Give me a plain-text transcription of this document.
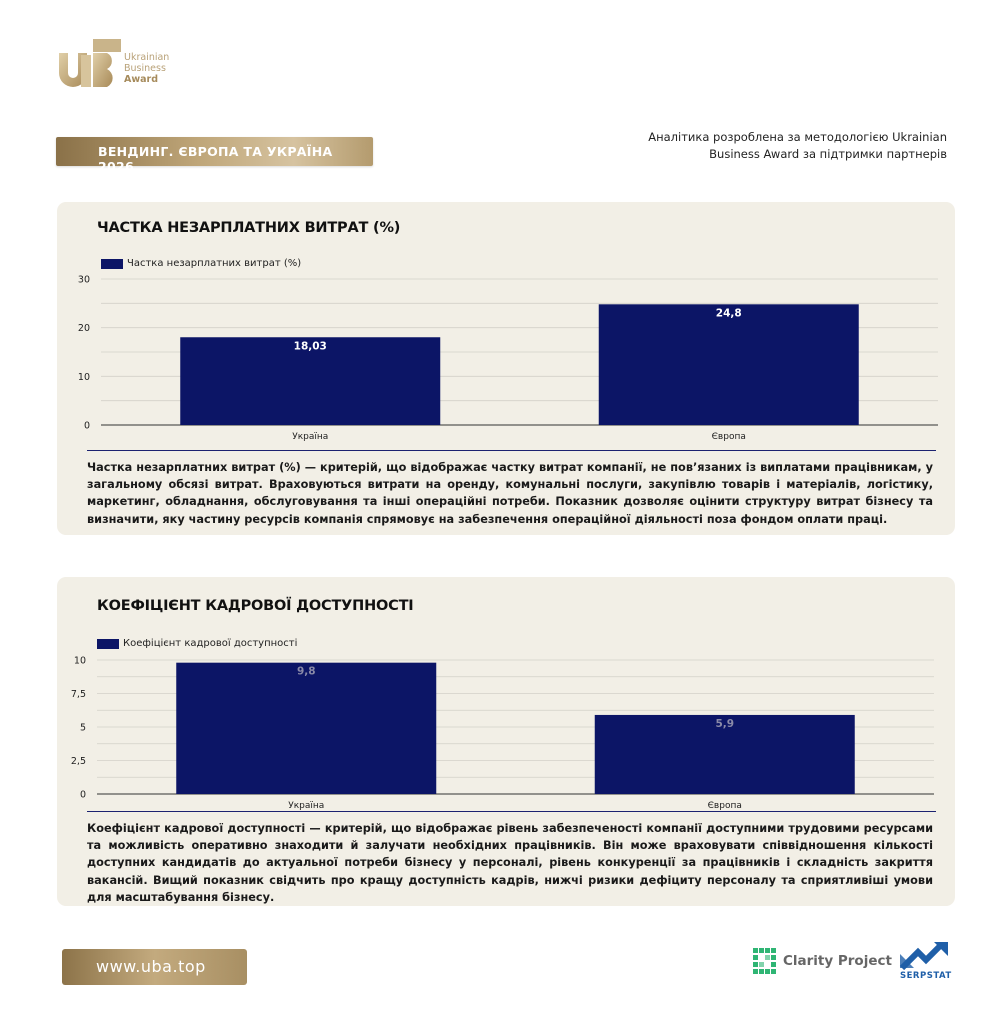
Ukrainian
Business
Award
ВЕНДИНГ. ЄВРОПА ТА УКРАЇНА 2026
Аналітика розроблена за методологією Ukrainian
Business Award за підтримки партнерів
ЧАСТКА НЕЗАРПЛАТНИХ ВИТРАТ (%)
Частка незарплатних витрат (%)
0
10
20
30
18,03
Україна
24,8
Європа
Частка незарплатних витрат (%) — критерій, що відображає частку витрат компанії, не пов’язаних із виплатами працівникам, у загальному обсязі витрат. Враховуються витрати на оренду, комунальні послуги, закупівлю товарів і матеріалів, логістику, маркетинг, обладнання, обслуговування та інші операційні потреби. Показник дозволяє оцінити структуру витрат бізнесу та визначити, яку частину ресурсів компанія спрямовує на забезпечення операційної діяльності поза фондом оплати праці.
КОЕФІЦІЄНТ КАДРОВОЇ ДОСТУПНОСТІ
Коефіцієнт кадрової доступності
0
2,5
5
7,5
10
9,8
Україна
5,9
Європа
Коефіцієнт кадрової доступності — критерій, що відображає рівень забезпеченості компанії доступними трудовими ресурсами та можливість оперативно знаходити й залучати необхідних працівників. Він може враховувати співвідношення кількості доступних кандидатів до актуальної потреби бізнесу у персоналі, рівень конкуренції за працівників і складність закриття вакансій. Вищий показник свідчить про кращу доступність кадрів, нижчі ризики дефіциту персоналу та сприятливіші умови для масштабування бізнесу.
www.uba.top	Clarity Project
SERPSTAT
